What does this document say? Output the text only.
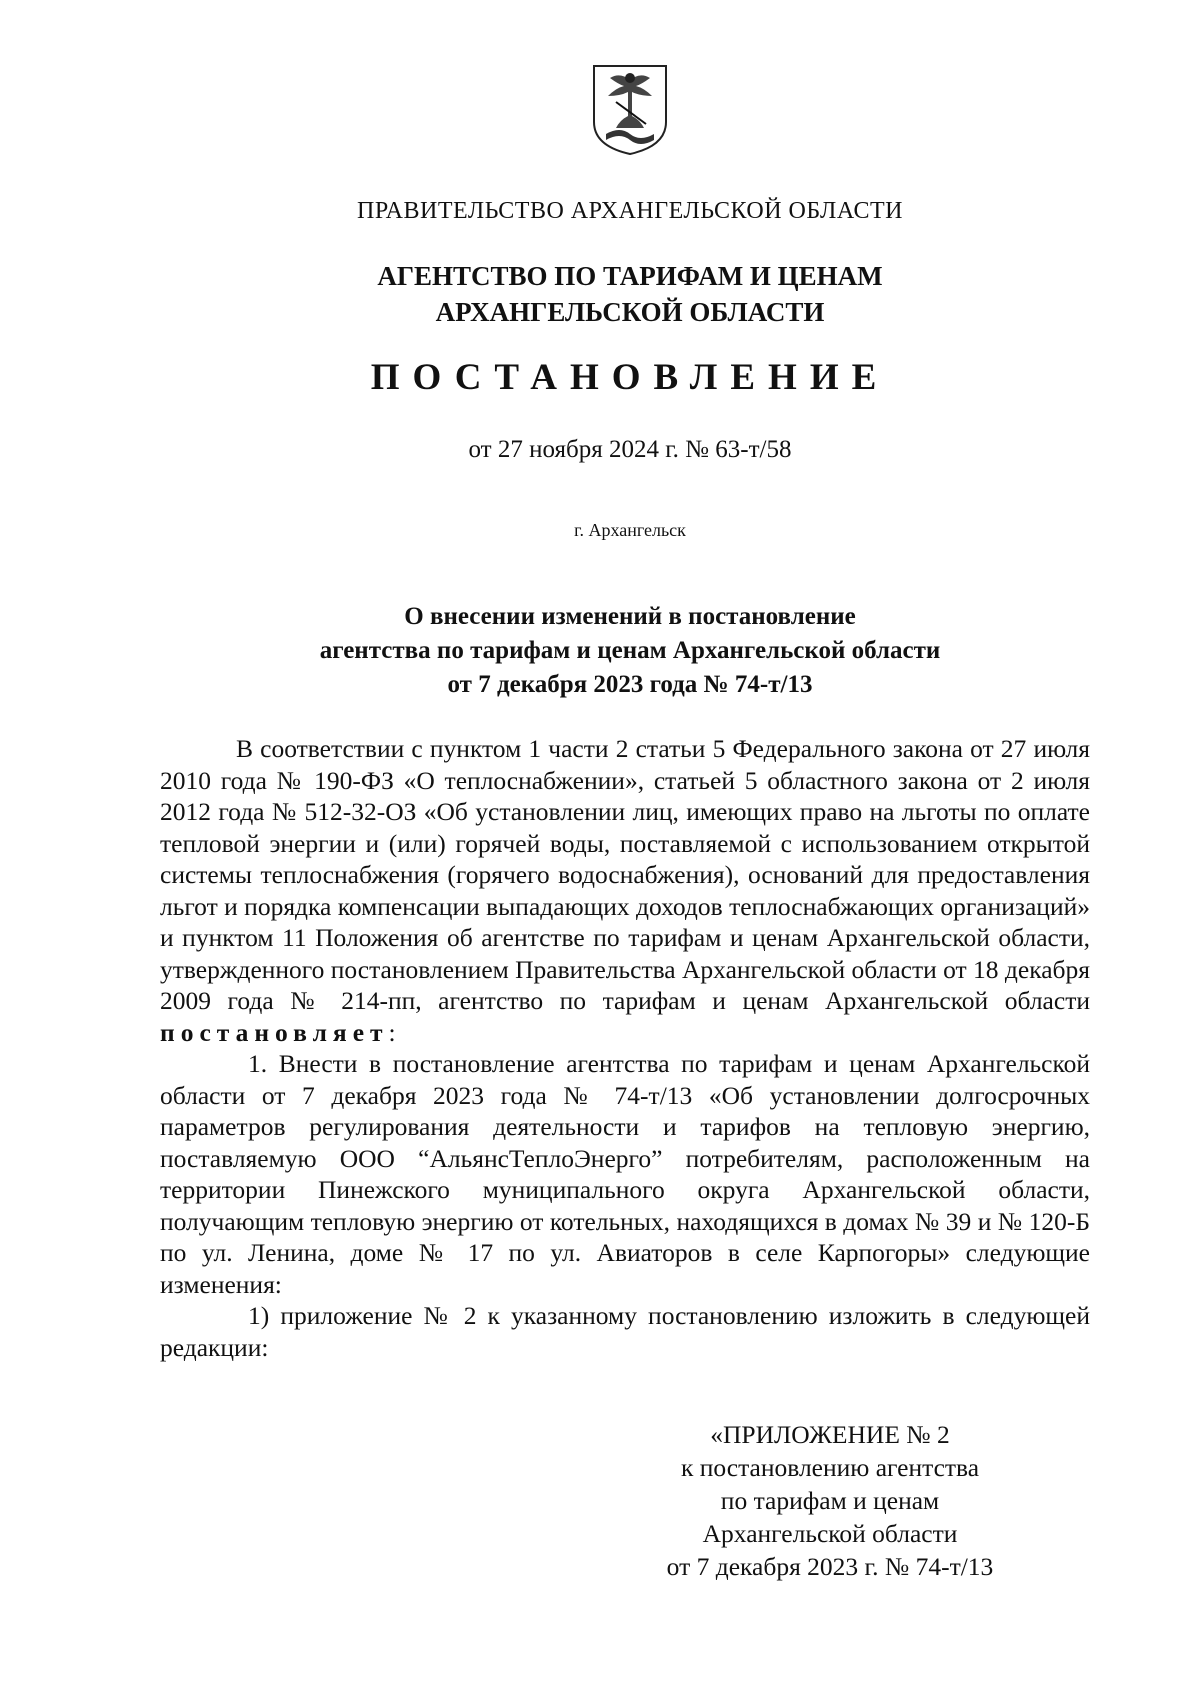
ПРАВИТЕЛЬСТВО АРХАНГЕЛЬСКОЙ ОБЛАСТИ
АГЕНТСТВО ПО ТАРИФАМ И ЦЕНАМ
АРХАНГЕЛЬСКОЙ ОБЛАСТИ
ПОСТАНОВЛЕНИЕ
от 27 ноября 2024 г. № 63-т/58
г. Архангельск
О внесении изменений в постановление
агентства по тарифам и ценам Архангельской области
от 7 декабря 2023 года № 74-т/13

В соответствии с пунктом 1 части 2 статьи 5 Федерального закона от 27 июля 2010 года № 190-ФЗ «О теплоснабжении», статьей 5 областного закона от 2 июля 2012 года № 512-32-ОЗ «Об установлении лиц, имеющих право на льготы по оплате тепловой энергии и (или) горячей воды, поставляемой с использованием открытой системы теплоснабжения (горячего водоснабжения), оснований для предоставления льгот и порядка компенсации выпадающих доходов теплоснабжающих организаций» и пунктом 11 Положения об агентстве по тарифам и ценам Архангельской области, утвержденного постановлением Правительства Архангельской области от 18 декабря 2009 года № 214-пп, агентство по тарифам и ценам Архангельской области постановляет:

1. Внести в постановление агентства по тарифам и ценам Архангельской области от 7 декабря 2023 года № 74-т/13 «Об установлении долгосрочных параметров регулирования деятельности и тарифов на тепловую энергию, поставляемую ООО “АльянсТеплоЭнерго” потребителям, расположенным на территории Пинежского муниципального округа Архангельской области, получающим тепловую энергию от котельных, находящихся в домах № 39 и № 120-Б по ул. Ленина, доме № 17 по ул. Авиаторов в селе Карпогоры» следующие изменения:

1) приложение № 2 к указанному постановлению изложить в следующей редакции:

«ПРИЛОЖЕНИЕ № 2
к постановлению агентства
по тарифам и ценам
Архангельской области
от 7 декабря 2023 г. № 74-т/13
